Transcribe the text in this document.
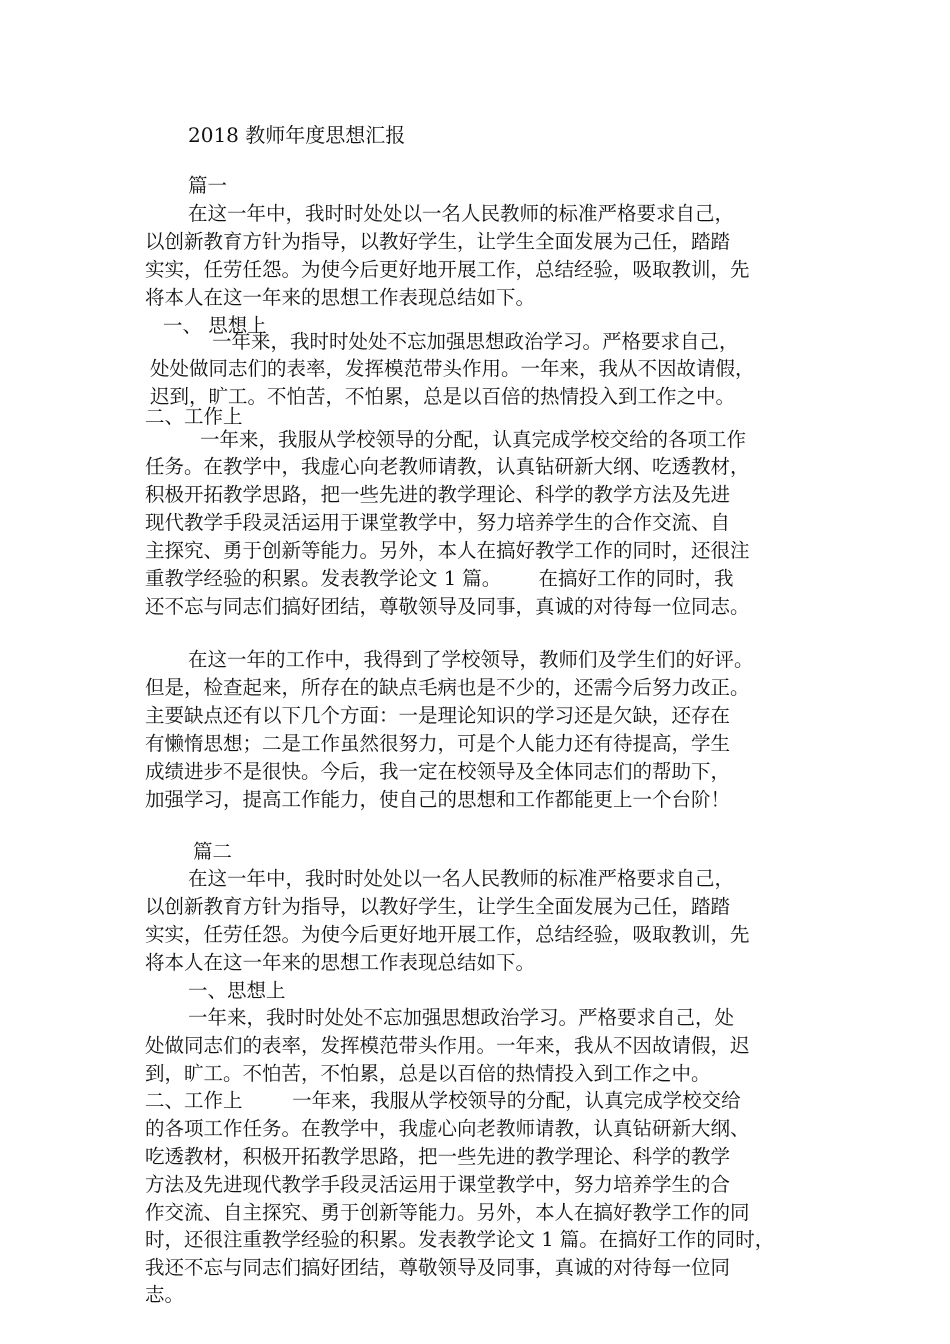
2018 教师年度思想汇报
篇一
在这一年中，我时时处处以一名人民教师的标准严格要求自己，
以创新教育方针为指导，以教好学生，让学生全面发展为己任，踏踏
实实，任劳任怨。为使今后更好地开展工作，总结经验，吸取教训，先
将本人在这一年来的思想工作表现总结如下。
一、 思想上
一年来，我时时处处不忘加强思想政治学习。严格要求自己，
处处做同志们的表率，发挥模范带头作用。一年来，我从不因故请假，
迟到，旷工。不怕苦，不怕累，总是以百倍的热情投入到工作之中。
二、工作上
一年来，我服从学校领导的分配，认真完成学校交给的各项工作
任务。在教学中，我虚心向老教师请教，认真钻研新大纲、吃透教材，
积极开拓教学思路，把一些先进的教学理论、科学的教学方法及先进
现代教学手段灵活运用于课堂教学中，努力培养学生的合作交流、自
主探究、勇于创新等能力。另外，本人在搞好教学工作的同时，还很注
重教学经验的积累。发表教学论文 1 篇。      在搞好工作的同时，我
还不忘与同志们搞好团结，尊敬领导及同事，真诚的对待每一位同志。
在这一年的工作中，我得到了学校领导，教师们及学生们的好评。
但是，检查起来，所存在的缺点毛病也是不少的，还需今后努力改正。
主要缺点还有以下几个方面：一是理论知识的学习还是欠缺，还存在
有懒惰思想；二是工作虽然很努力，可是个人能力还有待提高，学生
成绩进步不是很快。今后，我一定在校领导及全体同志们的帮助下，
加强学习，提高工作能力，使自己的思想和工作都能更上一个台阶！
篇二
在这一年中，我时时处处以一名人民教师的标准严格要求自己，
以创新教育方针为指导，以教好学生，让学生全面发展为己任，踏踏
实实，任劳任怨。为使今后更好地开展工作，总结经验，吸取教训，先
将本人在这一年来的思想工作表现总结如下。
一、思想上
一年来，我时时处处不忘加强思想政治学习。严格要求自己，处
处做同志们的表率，发挥模范带头作用。一年来，我从不因故请假，迟
到，旷工。不怕苦，不怕累，总是以百倍的热情投入到工作之中。
二、工作上        一年来，我服从学校领导的分配，认真完成学校交给
的各项工作任务。在教学中，我虚心向老教师请教，认真钻研新大纲、
吃透教材，积极开拓教学思路，把一些先进的教学理论、科学的教学
方法及先进现代教学手段灵活运用于课堂教学中，努力培养学生的合
作交流、自主探究、勇于创新等能力。另外，本人在搞好教学工作的同
时，还很注重教学经验的积累。发表教学论文 1 篇。在搞好工作的同时，
我还不忘与同志们搞好团结，尊敬领导及同事，真诚的对待每一位同
志。
